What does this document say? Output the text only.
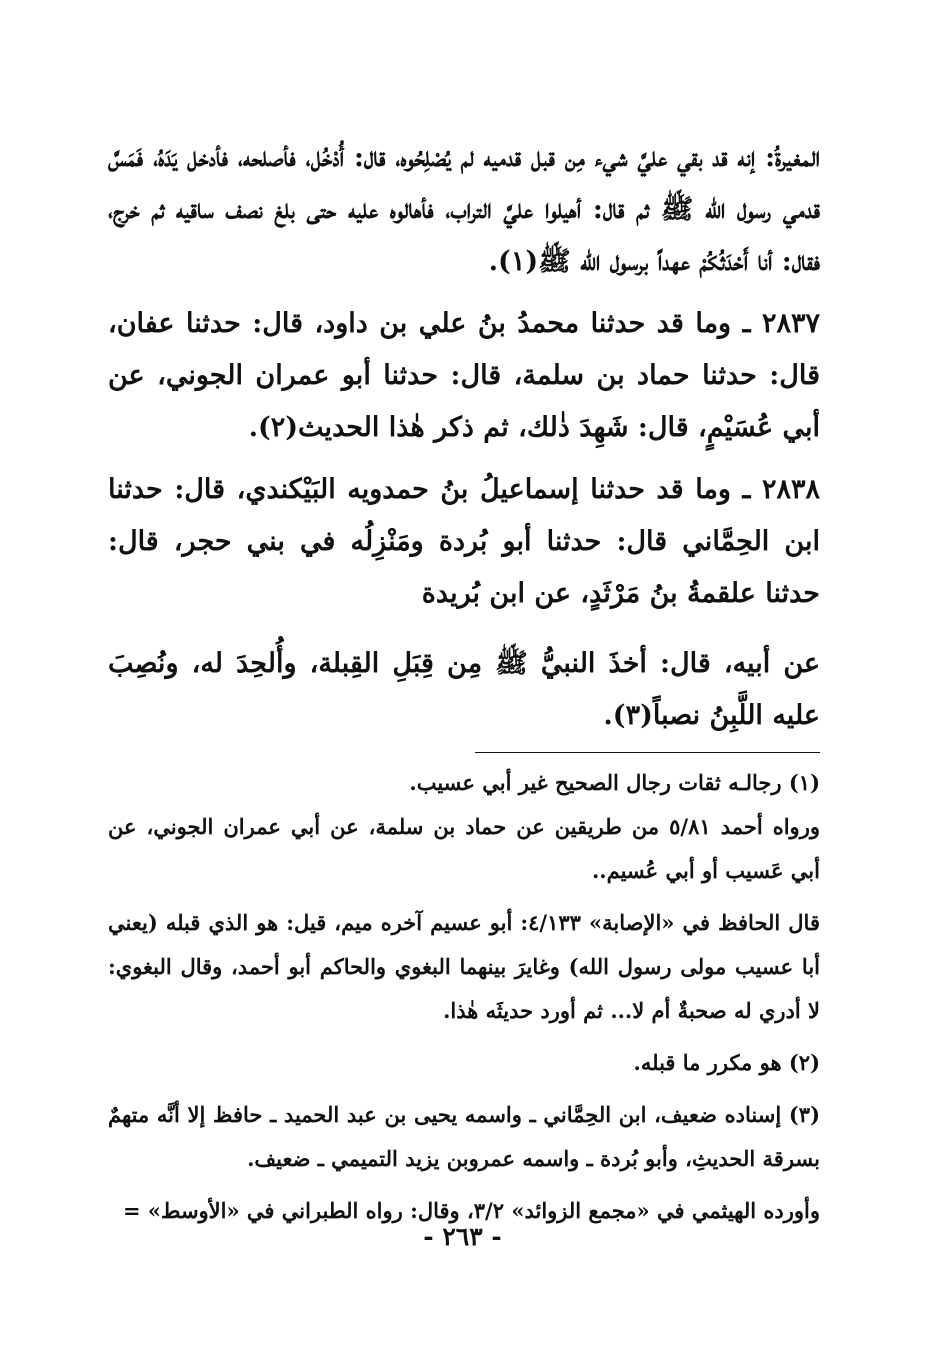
المغيرةُ: إنه قد بقي عليَّ شيء مِن قبل قدميه لم يُصْلِحُوه، قال: أُدْخُل، فأصلحه، فأدخل يَدَهُ، فَمَسَّ قدمي رسول الله ﷺ ثم قال: أهيلوا عليَّ التراب، فأهالوه عليه حتى بلغ نصف ساقيه ثم خرج، فقال: أنا أَحْدَثُكُمْ عهداً برسول الله ﷺ(١).

٢٨٣٧ ـ وما قد حدثنا محمدُ بنُ علي بن داود، قال: حدثنا عفان، قال: حدثنا حماد بن سلمة، قال: حدثنا أبو عمران الجوني، عن أبي عُسَيْمٍ، قال: شَهِدَ ذٰلك، ثم ذكر هٰذا الحديث(٢).

٢٨٣٨ ـ وما قد حدثنا إسماعيلُ بنُ حمدويه البَيْكندي، قال: حدثنا ابن الحِمَّاني قال: حدثنا أبو بُردة ومَنْزِلُه في بني حجر، قال: حدثنا علقمةُ بنُ مَرْثَدٍ، عن ابن بُريدة

عن أبيه، قال: أخذَ النبيُّ ﷺ مِن قِبَلِ القِبلة، وأُلحِدَ له، ونُصِبَ عليه اللَّبِنُ نصباً(٣).

(١) رجالـه ثقات رجال الصحيح غير أبي عسيب.

ورواه أحمد ٥/٨١ من طريقين عن حماد بن سلمة، عن أبي عمران الجوني، عن أبي عَسيب أو أبي عُسيم..

قال الحافظ في «الإصابة» ٤/١٣٣: أبو عسيم آخره ميم، قيل: هو الذي قبله (يعني أبا عسيب مولى رسول الله) وغايرَ بينهما البغوي والحاكم أبو أحمد، وقال البغوي: لا أدري له صحبةٌ أم لا... ثم أورد حديثَه هٰذا.

(٢) هو مكرر ما قبله.

(٣) إسناده ضعيف، ابن الحِمَّاني ـ واسمه يحيى بن عبد الحميد ـ حافظ إلا أنَّه متهمٌ بسرقة الحديثِ، وأبو بُردة ـ واسمه عمروبن يزيد التميمي ـ ضعيف.

وأورده الهيثمي في «مجمع الزوائد» ٣/٢، وقال: رواه الطبراني في «الأوسط» =

- ٢٦٣ -
